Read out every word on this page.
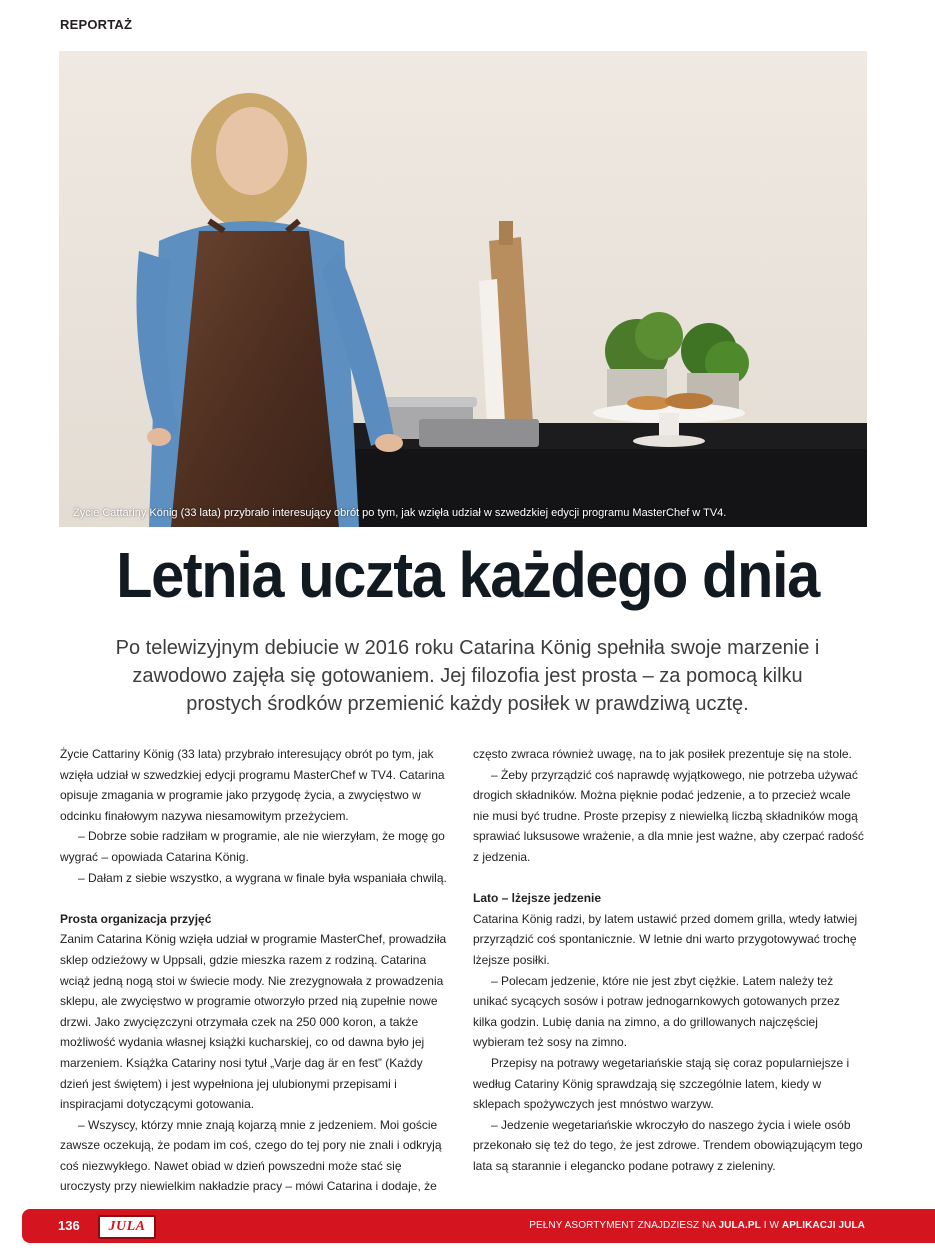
REPORTAŻ
Życie Cattariny König (33 lata) przybrało interesujący obrót po tym, jak wzięła udział w szwedzkiej edycji programu MasterChef w TV4.
Letnia uczta każdego dnia

Po telewizyjnym debiucie w 2016 roku Catarina König spełniła swoje marzenie i zawodowo zajęła się gotowaniem. Jej filozofia jest prosta – za pomocą kilku prostych środków przemienić każdy posiłek w prawdziwą ucztę.

Życie Cattariny König (33 lata) przybrało interesujący obrót po tym, jak wzięła udział w szwedzkiej edycji programu MasterChef w TV4. Catarina opisuje zmagania w programie jako przygodę życia, a zwycięstwo w odcinku finałowym nazywa niesamowitym przeżyciem.

– Dobrze sobie radziłam w programie, ale nie wierzyłam, że mogę go wygrać – opowiada Catarina König.

– Dałam z siebie wszystko, a wygrana w finale była wspaniała chwilą.

Prosta organizacja przyjęć

Zanim Catarina König wzięła udział w programie MasterChef, prowadziła sklep odzieżowy w Uppsali, gdzie mieszka razem z rodziną. Catarina wciąż jedną nogą stoi w świecie mody. Nie zrezygnowała z prowadzenia sklepu, ale zwycięstwo w programie otworzyło przed nią zupełnie nowe drzwi. Jako zwycięzczyni otrzymała czek na 250 000 koron, a także możliwość wydania własnej książki kucharskiej, co od dawna było jej marzeniem. Książka Catariny nosi tytuł „Varje dag är en fest” (Każdy dzień jest świętem) i jest wypełniona jej ulubionymi przepisami i inspiracjami dotyczącymi gotowania.

– Wszyscy, którzy mnie znają kojarzą mnie z jedzeniem. Moi goście zawsze oczekują, że podam im coś, czego do tej pory nie znali i odkryją coś niezwykłego. Nawet obiad w dzień powszedni może stać się uroczysty przy niewielkim nakładzie pracy – mówi Catarina i dodaje, że

często zwraca również uwagę, na to jak posiłek prezentuje się na stole.

– Żeby przyrządzić coś naprawdę wyjątkowego, nie potrzeba używać drogich składników. Można pięknie podać jedzenie, a to przecież wcale nie musi być trudne. Proste przepisy z niewielką liczbą składników mogą sprawiać luksusowe wrażenie, a dla mnie jest ważne, aby czerpać radość z jedzenia.

Lato – lżejsze jedzenie

Catarina König radzi, by latem ustawić przed domem grilla, wtedy łatwiej przyrządzić coś spontanicznie. W letnie dni warto przygotowywać trochę lżejsze posiłki.

– Polecam jedzenie, które nie jest zbyt ciężkie. Latem należy też unikać sycących sosów i potraw jednogarnkowych gotowanych przez kilka godzin. Lubię dania na zimno, a do grillowanych najczęściej wybieram też sosy na zimno.

Przepisy na potrawy wegetariańskie stają się coraz popularniejsze i według Catariny König sprawdzają się szczególnie latem, kiedy w sklepach spożywczych jest mnóstwo warzyw.

– Jedzenie wegetariańskie wkroczyło do naszego życia i wiele osób przekonało się też do tego, że jest zdrowe. Trendem obowiązującym tego lata są starannie i elegancko podane potrawy z zieleniny.

136	JULA	PEŁNY ASORTYMENT ZNAJDZIESZ NA JULA.PL I W APLIKACJI JULA
